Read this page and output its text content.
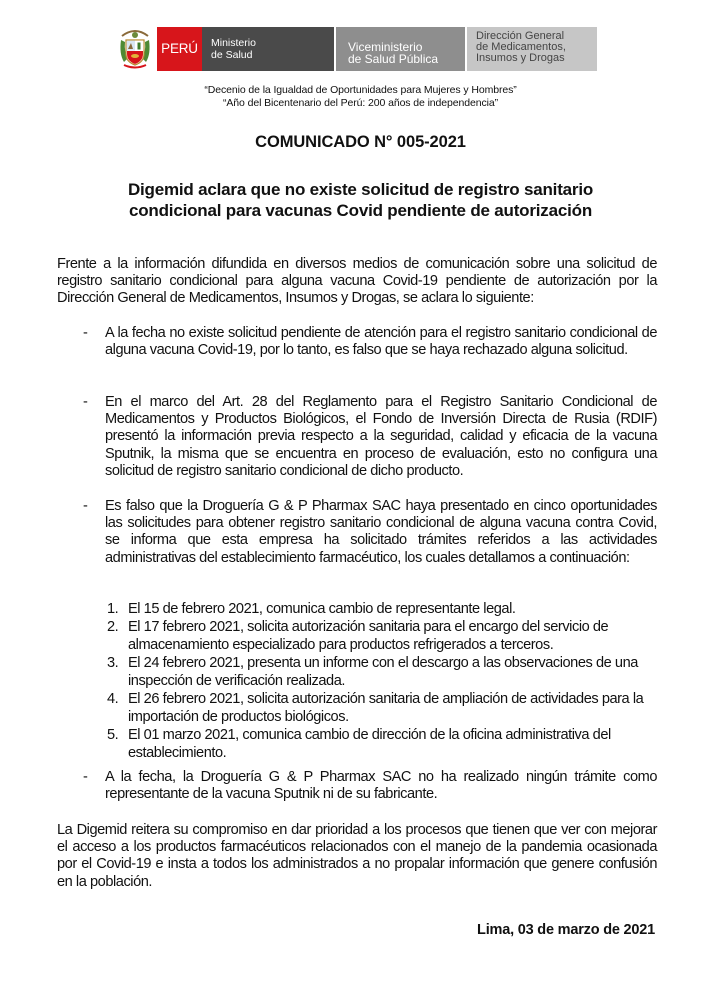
PERÚ	Ministerio
de Salud
Viceministerio
de Salud Pública
Dirección General
de Medicamentos,
Insumos y Drogas
“Decenio de la Igualdad de Oportunidades para Mujeres y Hombres”
“Año del Bicentenario del Perú: 200 años de independencia”
COMUNICADO N° 005-2021
Digemid aclara que no existe solicitud de registro sanitario
condicional para vacunas Covid pendiente de autorización
Frente a la información difundida en diversos medios de comunicación sobre una solicitud de registro sanitario condicional para alguna vacuna Covid-19 pendiente de autorización por la Dirección General de Medicamentos, Insumos y Drogas, se aclara lo siguiente:
- A la fecha no existe solicitud pendiente de atención para el registro sanitario condicional de alguna vacuna Covid-19, por lo tanto, es falso que se haya rechazado alguna solicitud.
- En el marco del Art. 28 del Reglamento para el Registro Sanitario Condicional de Medicamentos y Productos Biológicos, el Fondo de Inversión Directa de Rusia (RDIF) presentó la información previa respecto a la seguridad, calidad y eficacia de la vacuna Sputnik, la misma que se encuentra en proceso de evaluación, esto no configura una solicitud de registro sanitario condicional de dicho producto.
- Es falso que la Droguería G & P Pharmax SAC haya presentado en cinco oportunidades las solicitudes para obtener registro sanitario condicional de alguna vacuna contra Covid, se informa que esta empresa ha solicitado trámites referidos a las actividades administrativas del establecimiento farmacéutico, los cuales detallamos a continuación:
1. El 15 de febrero 2021, comunica cambio de representante legal.
2. El 17 febrero 2021, solicita autorización sanitaria para el encargo del servicio de almacenamiento especializado para productos refrigerados a terceros.
3. El 24 febrero 2021, presenta un informe con el descargo a las observaciones de una inspección de verificación realizada.
4. El 26 febrero 2021, solicita autorización sanitaria de ampliación de actividades para la importación de productos biológicos.
5. El 01 marzo 2021, comunica cambio de dirección de la oficina administrativa del establecimiento.
- A la fecha, la Droguería G & P Pharmax SAC no ha realizado ningún trámite como representante de la vacuna Sputnik ni de su fabricante.
La Digemid reitera su compromiso en dar prioridad a los procesos que tienen que ver con mejorar el acceso a los productos farmacéuticos relacionados con el manejo de la pandemia ocasionada por el Covid-19 e insta a todos los administrados a no propalar información que genere confusión en la población.
Lima, 03 de marzo de 2021
